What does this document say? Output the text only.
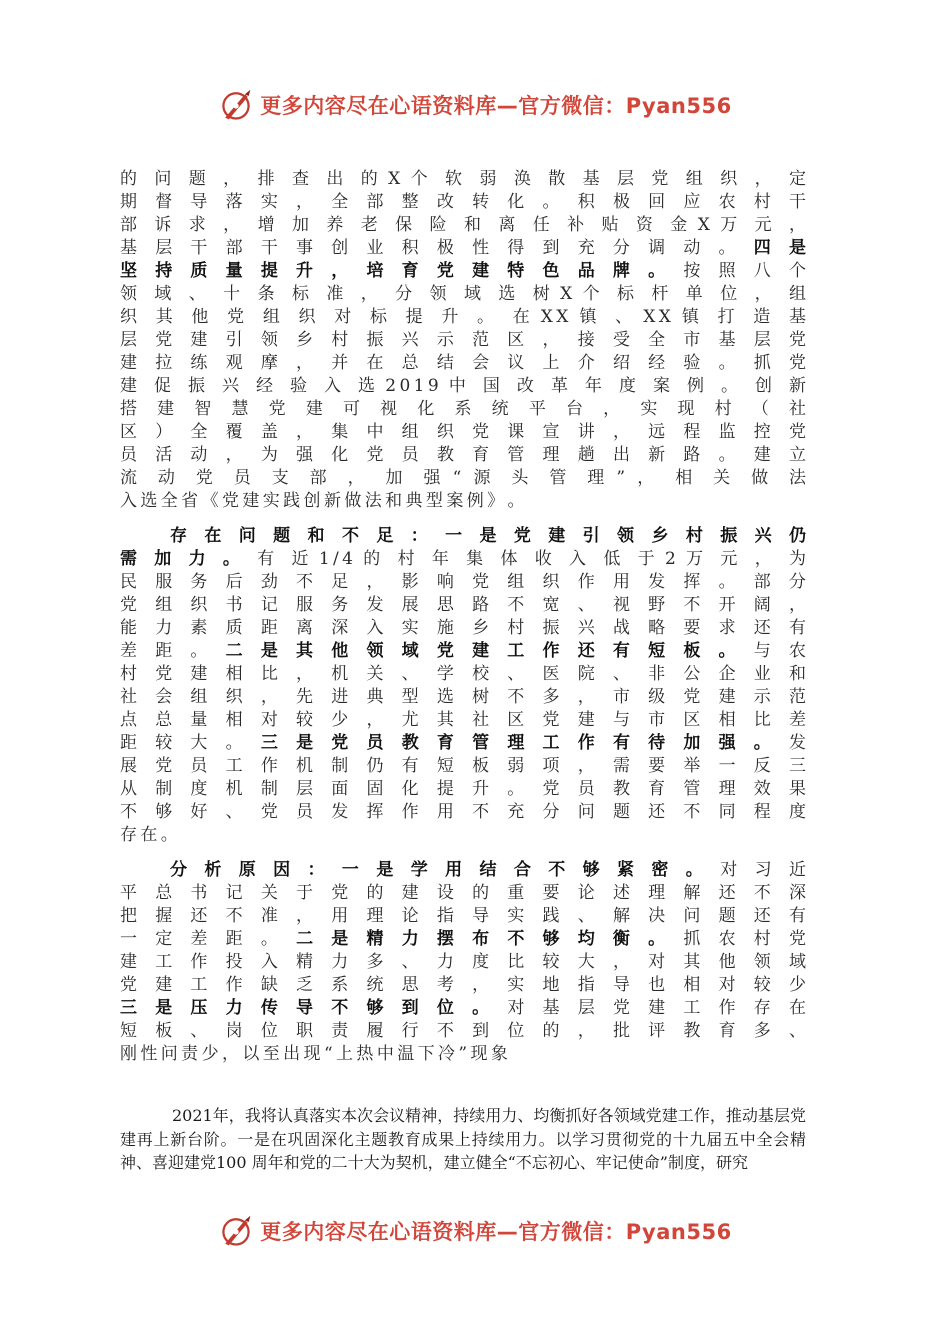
更多内容尽在心语资料库—官方微信：Pyan556

的 问 题 ， 排 查 出 的 X 个 软 弱 涣 散 基 层 党 组 织 ， 定

期 督 导 落 实 ， 全 部 整 改 转 化 。 积 极 回 应 农 村 干

部 诉 求 ， 增 加 养 老 保 险 和 离 任 补 贴 资 金 X 万 元 ，

基 层 干 部 干 事 创 业 积 极 性 得 到 充 分 调 动 。  四 是

坚 持 质 量 提 升 ， 培 育 党 建 特 色 品 牌 。  按 照 八 个

领 域 、 十 条 标 准 ， 分 领 域 选 树 X 个 标 杆 单 位 ， 组

织 其 他 党 组 织 对 标 提 升 。 在 X X 镇 、 X X 镇 打 造 基

层 党 建 引 领 乡 村 振 兴 示 范 区 ， 接 受 全 市 基 层 党

建 拉 练 观 摩 ， 并 在 总 结 会 议 上 介 绍 经 验 。 抓 党

建 促 振 兴 经 验 入 选 2 0 1 9 中 国 改 革 年 度 案 例 。 创 新

搭 建 智 慧 党 建 可 视 化 系 统 平 台 ， 实 现 村 （ 社

区 ） 全 覆 盖 ， 集 中 组 织 党 课 宣 讲 ， 远 程 监 控 党

员 活 动 ， 为 强 化 党 员 教 育 管 理 趟 出 新 路 。 建 立

流 动 党 员 支 部 ， 加 强 “ 源 头 管 理 ” ， 相 关 做 法

入 选 全 省 《 党 建 实 践 创 新 做 法 和 典 型 案 例 》 。

存 在 问 题 和 不 足 ： 一 是 党 建 引 领 乡 村 振 兴 仍

需 加 力 。  有 近 1 / 4 的 村 年 集 体 收 入 低 于 2 万 元 ， 为

民 服 务 后 劲 不 足 ， 影 响 党 组 织 作 用 发 挥 。 部 分

党 组 织 书 记 服 务 发 展 思 路 不 宽 、 视 野 不 开 阔 ，

能 力 素 质 距 离 深 入 实 施 乡 村 振 兴 战 略 要 求 还 有

差 距 。  二 是 其 他 领 域 党 建 工 作 还 有 短 板 。  与 农

村 党 建 相 比 ， 机 关 、 学 校 、 医 院 、 非 公 企 业 和

社 会 组 织 ， 先 进 典 型 选 树 不 多 ， 市 级 党 建 示 范

点 总 量 相 对 较 少 ， 尤 其 社 区 党 建 与 市 区 相 比 差

距 较 大 。  三 是 党 员 教 育 管 理 工 作 有 待 加 强 。  发

展 党 员 工 作 机 制 仍 有 短 板 弱 项 ， 需 要 举 一 反 三

从 制 度 机 制 层 面 固 化 提 升 。 党 员 教 育 管 理 效 果

不 够 好 、 党 员 发 挥 作 用 不 充 分 问 题 还 不 同 程 度

存 在 。

分 析 原 因 ： 一 是 学 用 结 合 不 够 紧 密 。  对 习 近

平 总 书 记 关 于 党 的 建 设 的 重 要 论 述 理 解 还 不 深

把 握 还 不 准 ， 用 理 论 指 导 实 践 、 解 决 问 题 还 有

一 定 差 距 。  二 是 精 力 摆 布 不 够 均 衡 。  抓 农 村 党

建 工 作 投 入 精 力 多 、 力 度 比 较 大 ， 对 其 他 领 域

党 建 工 作 缺 乏 系 统 思 考 ， 实 地 指 导 也 相 对 较 少

三 是 压 力 传 导 不 够 到 位 。  对 基 层 党 建 工 作 存 在

短 板 、 岗 位 职 责 履 行 不 到 位 的 ， 批 评 教 育 多 、

刚 性 问 责 少 ， 以 至 出 现 “ 上 热 中 温 下 冷 ” 现 象

2021年，我将认真落实本次会议精神，持续用力、均衡抓好各领域党建工作，推动基层党建再上新台阶。一是在巩固深化主题教育成果上持续用力。以学习贯彻党的十九届五中全会精神、喜迎建党100 周年和党的二十大为契机，建立健全“不忘初心、牢记使命”制度，研究

更多内容尽在心语资料库—官方微信：Pyan556
